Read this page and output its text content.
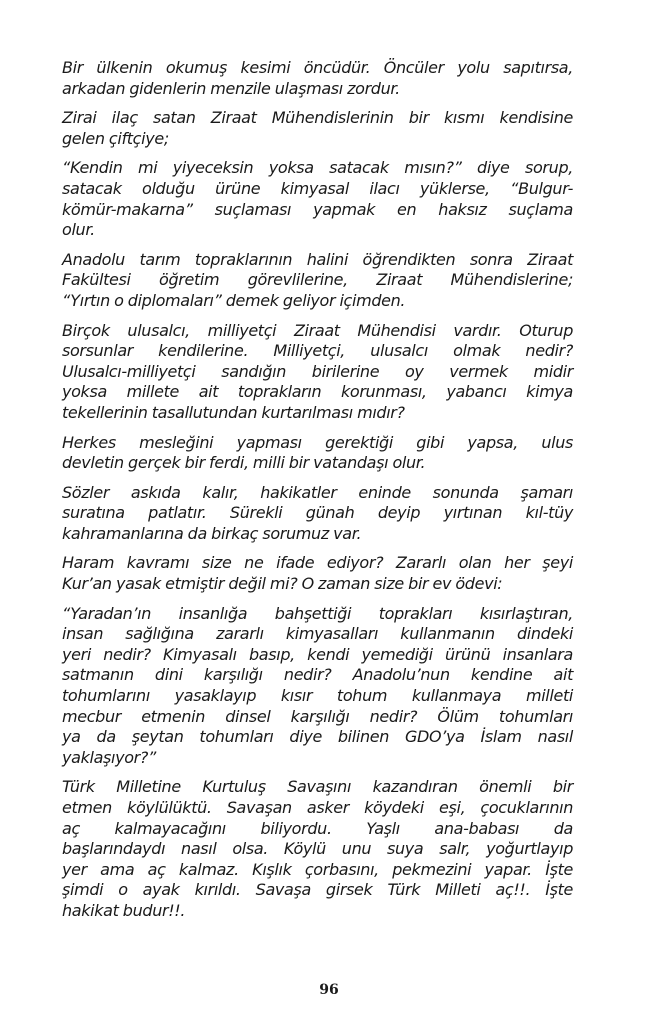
Bir ülkenin okumuş kesimi öncüdür. Öncüler yolu sapıtırsa,
arkadan gidenlerin menzile ulaşması zordur.

Zirai ilaç satan Ziraat Mühendislerinin bir kısmı kendisine
gelen çiftçiye;

“Kendin mi yiyeceksin yoksa satacak mısın?” diye sorup,
satacak olduğu ürüne kimyasal ilacı yüklerse, “Bulgur-
kömür-makarna” suçlaması yapmak en haksız suçlama
olur.

Anadolu tarım topraklarının halini öğrendikten sonra Ziraat
Fakültesi öğretim görevlilerine, Ziraat Mühendislerine;
“Yırtın o diplomaları” demek geliyor içimden.

Birçok ulusalcı, milliyetçi Ziraat Mühendisi vardır. Oturup
sorsunlar kendilerine. Milliyetçi, ulusalcı olmak nedir?
Ulusalcı-milliyetçi sandığın birilerine oy vermek midir
yoksa millete ait toprakların korunması, yabancı kimya
tekellerinin tasallutundan kurtarılması mıdır?

Herkes mesleğini yapması gerektiği gibi yapsa, ulus
devletin gerçek bir ferdi, milli bir vatandaşı olur.

Sözler askıda kalır, hakikatler eninde sonunda şamarı
suratına patlatır. Sürekli günah deyip yırtınan kıl-tüy
kahramanlarına da birkaç sorumuz var.

Haram kavramı size ne ifade ediyor? Zararlı olan her şeyi
Kur’an yasak etmiştir değil mi? O zaman size bir ev ödevi:

“Yaradan’ın insanlığa bahşettiği toprakları kısırlaştıran,
insan sağlığına zararlı kimyasalları kullanmanın dindeki
yeri nedir? Kimyasalı basıp, kendi yemediği ürünü insanlara
satmanın dini karşılığı nedir? Anadolu’nun kendine ait
tohumlarını yasaklayıp kısır tohum kullanmaya milleti
mecbur etmenin dinsel karşılığı nedir? Ölüm tohumları
ya da şeytan tohumları diye bilinen GDO’ya İslam nasıl
yaklaşıyor?”

Türk Milletine Kurtuluş Savaşını kazandıran önemli bir
etmen köylülüktü. Savaşan asker köydeki eşi, çocuklarının
aç kalmayacağını biliyordu. Yaşlı ana-babası da
başlarındaydı nasıl olsa. Köylü unu suya salr, yoğurtlayıp
yer ama aç kalmaz. Kışlık çorbasını, pekmezini yapar. İşte
şimdi o ayak kırıldı. Savaşa girsek Türk Milleti aç!!. İşte
hakikat budur!!.

96
